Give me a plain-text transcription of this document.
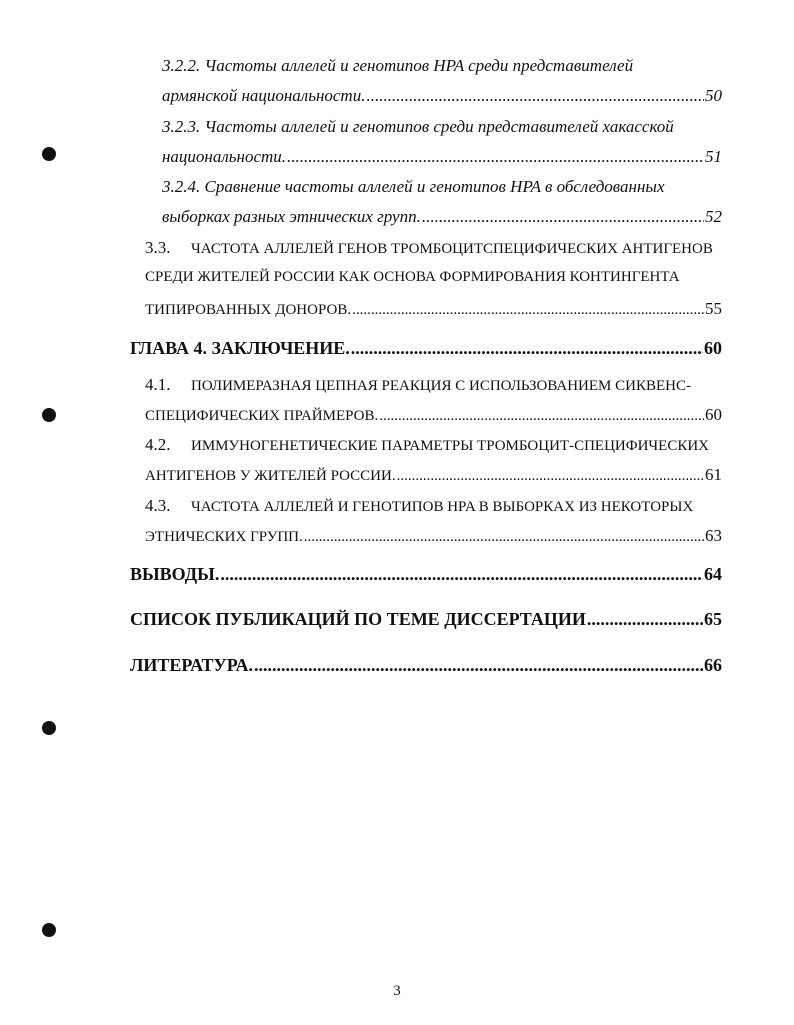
3.2.2.
Частоты аллелей и генотипов HPA среди представителей
армянской национальности. .....	50
3.2.3.
Частоты аллелей и генотипов среди представителей хакасской
национальности. .....	51
3.2.4.
Сравнение частоты аллелей и генотипов HPA в обследованных
выборках разных этнических групп. .....	52
3.3.	ЧАСТОТА АЛЛЕЛЕЙ ГЕНОВ ТРОМБОЦИТСПЕЦИФИЧЕСКИХ АНТИГЕНОВ
СРЕДИ ЖИТЕЛЕЙ РОССИИ КАК ОСНОВА ФОРМИРОВАНИЯ КОНТИНГЕНТА
ТИПИРОВАННЫХ ДОНОРОВ. .....	55
ГЛАВА 4. ЗАКЛЮЧЕНИЕ. .....	60
4.1.	ПОЛИМЕРАЗНАЯ ЦЕПНАЯ РЕАКЦИЯ С ИСПОЛЬЗОВАНИЕМ СИКВЕНС-
СПЕЦИФИЧЕСКИХ ПРАЙМЕРОВ. .....	60
4.2.	ИММУНОГЕНЕТИЧЕСКИЕ ПАРАМЕТРЫ ТРОМБОЦИТ-СПЕЦИФИЧЕСКИХ
АНТИГЕНОВ У ЖИТЕЛЕЙ РОССИИ. .....	61
4.3.	ЧАСТОТА АЛЛЕЛЕЙ И ГЕНОТИПОВ HPA В ВЫБОРКАХ ИЗ НЕКОТОРЫХ
ЭТНИЧЕСКИХ ГРУПП. .....	63
ВЫВОДЫ. .....	64
СПИСОК ПУБЛИКАЦИЙ ПО ТЕМЕ ДИССЕРТАЦИИ .....	65
ЛИТЕРАТУРА. .....	66
3
